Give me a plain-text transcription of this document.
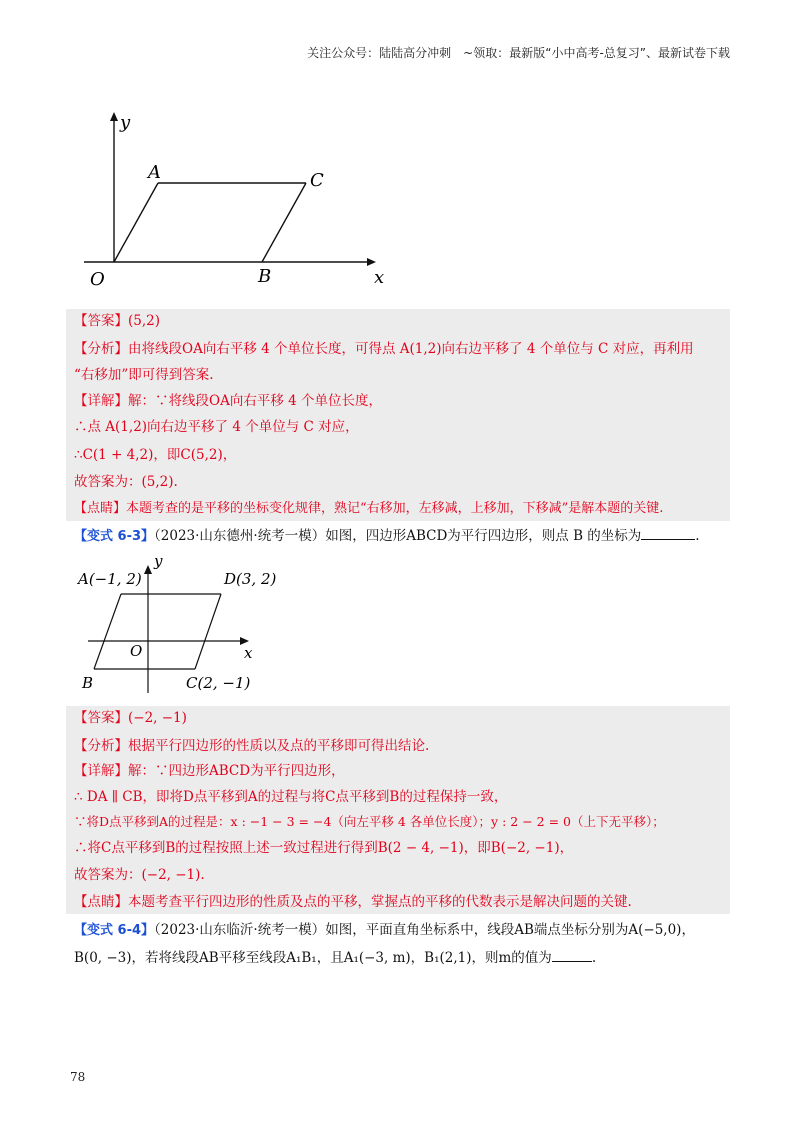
关注公众号：陆陆高分冲刺　~领取：最新版“小中高考-总复习”、最新试卷下载
y
x
O
A	C
B
【答案】(5,2)
【分析】由将线段OA向右平移 4 个单位长度，可得点 A(1,2)向右边平移了 4 个单位与 C 对应，再利用
“右移加”即可得到答案.
【详解】解：∵将线段OA向右平移 4 个单位长度，
∴点 A(1,2)向右边平移了 4 个单位与 C 对应，
∴C(1 + 4,2)，即C(5,2)，
故答案为：(5,2).
【点睛】本题考查的是平移的坐标变化规律，熟记“右移加，左移减，上移加，下移减”是解本题的关键.
【变式 6-3】（2023·山东德州·统考一模）如图，四边形ABCD为平行四边形，则点 B 的坐标为	.
y
x
O
A(−1, 2)	D(3, 2)
B	C(2, −1)
【答案】(−2, −1)
【分析】根据平行四边形的性质以及点的平移即可得出结论.
【详解】解：∵四边形ABCD为平行四边形，
∴ DA ∥ CB，即将D点平移到A的过程与将C点平移到B的过程保持一致，
∵将D点平移到A的过程是：x : −1 − 3 = −4（向左平移 4 各单位长度）；y : 2 − 2 = 0（上下无平移）；
∴将C点平移到B的过程按照上述一致过程进行得到B(2 − 4, −1)，即B(−2, −1)，
故答案为：(−2, −1).
【点睛】本题考查平行四边形的性质及点的平移，掌握点的平移的代数表示是解决问题的关键.
【变式 6-4】（2023·山东临沂·统考一模）如图，平面直角坐标系中，线段AB端点坐标分别为A(−5,0)，
B(0, −3)，若将线段AB平移至线段A₁B₁，且A₁(−3, m)，B₁(2,1)，则m的值为	.
78
